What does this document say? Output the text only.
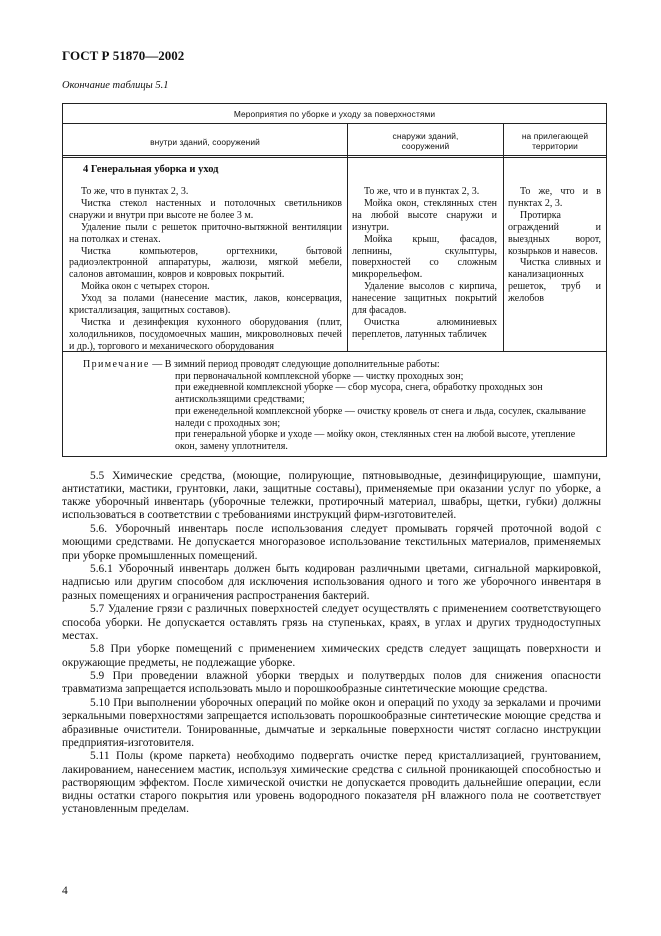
ГОСТ Р 51870—2002
Окончание таблицы 5.1
Мероприятия по уборке и уходу за поверхностями
внутри зданий, сооружений
снаружи зданий,
сооружений
на прилегающей
территории
4 Генеральная уборка и уход

То же, что в пунктах 2, 3.

Чистка стекол настенных и потолочных светильников снаружи и внутри при высоте не более 3 м.

Удаление пыли с решеток приточно-вытяжной вентиляции на потолках и стенах.

Чистка компьютеров, оргтехники, бытовой радиоэлектронной аппаратуры, жалюзи, мягкой мебели, салонов автомашин, ковров и ковровых покрытий.

Мойка окон с четырех сторон.

Уход за полами (нанесение мастик, лаков, консервация, кристаллизация, защитных составов).

Чистка и дезинфекция кухонного оборудования (плит, холодильников, посудомоечных машин, микроволновых печей и др.), торгового и механического оборудования

То же, что и в пунктах 2, 3.

Мойка окон, стеклянных стен на любой высоте снаружи и изнутри.

Мойка крыш, фасадов, лепнины, скульптуры, поверхностей со сложным микрорельефом.

Удаление высолов с кирпича, нанесение защитных покрытий для фасадов.

Очистка алюминиевых переплетов, латунных табличек

То же, что и в пунктах 2, 3.

Протирка ограждений и выездных ворот, козырьков и навесов.

Чистка сливных и канализационных решеток, труб и желобов

Примечание — В зимний период проводят следующие дополнительные работы:

при первоначальной комплексной уборке — чистку проходных зон;

при ежедневной комплексной уборке — сбор мусора, снега, обработку проходных зон антискользящими средствами;

при еженедельной комплексной уборке — очистку кровель от снега и льда, сосулек, скалывание наледи с проходных зон;

при генеральной уборке и уходе — мойку окон, стеклянных стен на любой высоте, утепление окон, замену уплотнителя.

5.5 Химические средства, (моющие, полирующие, пятновыводные, дезинфицирующие, шампуни, антистатики, мастики, грунтовки, лаки, защитные составы), применяемые при оказании услуг по уборке, а также уборочный инвентарь (уборочные тележки, протирочный материал, швабры, щетки, губки) должны использоваться в соответствии с требованиями инструкций фирм-изготовителей.

5.6. Уборочный инвентарь после использования следует промывать горячей проточной водой с моющими средствами. Не допускается многоразовое использование текстильных материалов, применяемых при уборке промышленных помещений.

5.6.1 Уборочный инвентарь должен быть кодирован различными цветами, сигнальной маркировкой, надписью или другим способом для исключения использования одного и того же уборочного инвентаря в разных помещениях и ограничения распространения бактерий.

5.7 Удаление грязи с различных поверхностей следует осуществлять с применением соответствующего способа уборки. Не допускается оставлять грязь на ступеньках, краях, в углах и других труднодоступных местах.

5.8 При уборке помещений с применением химических средств следует защищать поверхности и окружающие предметы, не подлежащие уборке.

5.9 При проведении влажной уборки твердых и полутвердых полов для снижения опасности травматизма запрещается использовать мыло и порошкообразные синтетические моющие средства.

5.10 При выполнении уборочных операций по мойке окон и операций по уходу за зеркалами и прочими зеркальными поверхностями запрещается использовать порошкообразные синтетические моющие средства и абразивные очистители. Тонированные, дымчатые и зеркальные поверхности чистят согласно инструкции предприятия-изготовителя.

5.11 Полы (кроме паркета) необходимо подвергать очистке перед кристаллизацией, грунтованием, лакированием, нанесением мастик, используя химические средства с сильной проникающей способностью и растворяющим эффектом. После химической очистки не допускается проводить дальнейшие операции, если видны остатки старого покрытия или уровень водородного показателя pH влажного пола не соответствует установленным пределам.

4
